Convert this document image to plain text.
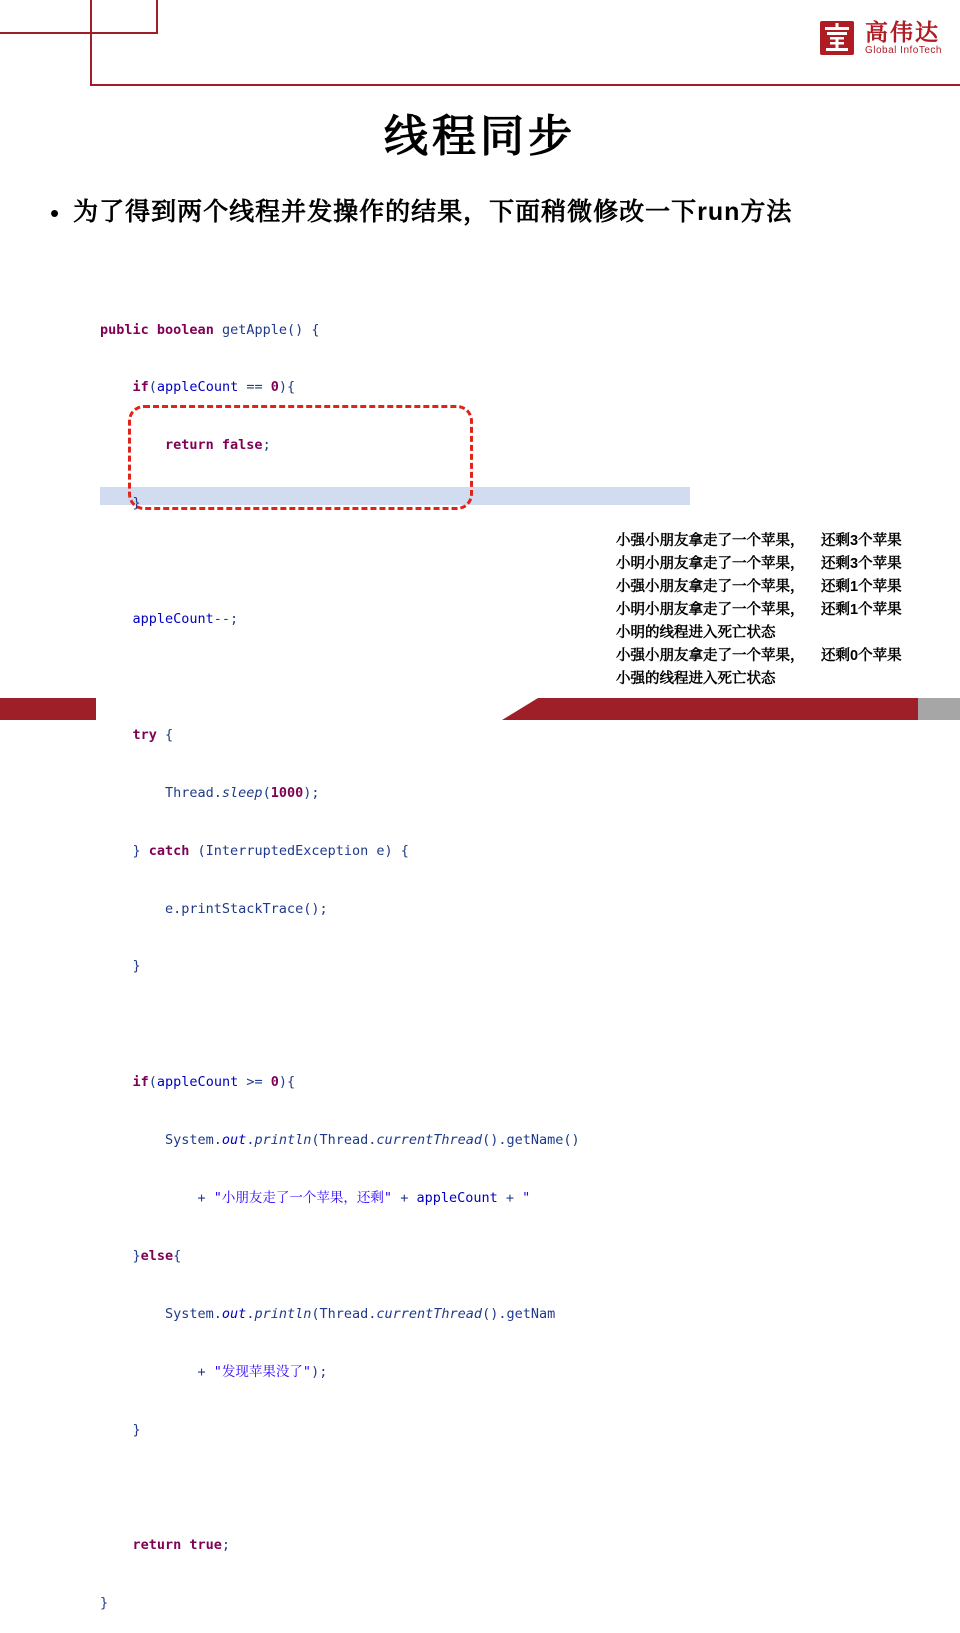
高伟达
Global InfoTech
线程同步
• 为了得到两个线程并发操作的结果，下面稍微修改一下run方法

public boolean getApple() {

if(appleCount == 0){

return false;

}

appleCount--;

try {

Thread.sleep(1000);

} catch (InterruptedException e) {

e.printStackTrace();

}

if(appleCount >= 0){

System.out.println(Thread.currentThread().getName()

+ "小朋友走了一个苹果，还剩" + appleCount + "

}else{

System.out.println(Thread.currentThread().getNam

+ "发现苹果没了");

}

return true;

}

小强小朋友拿走了一个苹果，	还剩3个苹果
小明小朋友拿走了一个苹果，	还剩3个苹果
小强小朋友拿走了一个苹果，	还剩1个苹果
小明小朋友拿走了一个苹果，	还剩1个苹果
小明的线程进入死亡状态
小强小朋友拿走了一个苹果，	还剩0个苹果
小强的线程进入死亡状态
